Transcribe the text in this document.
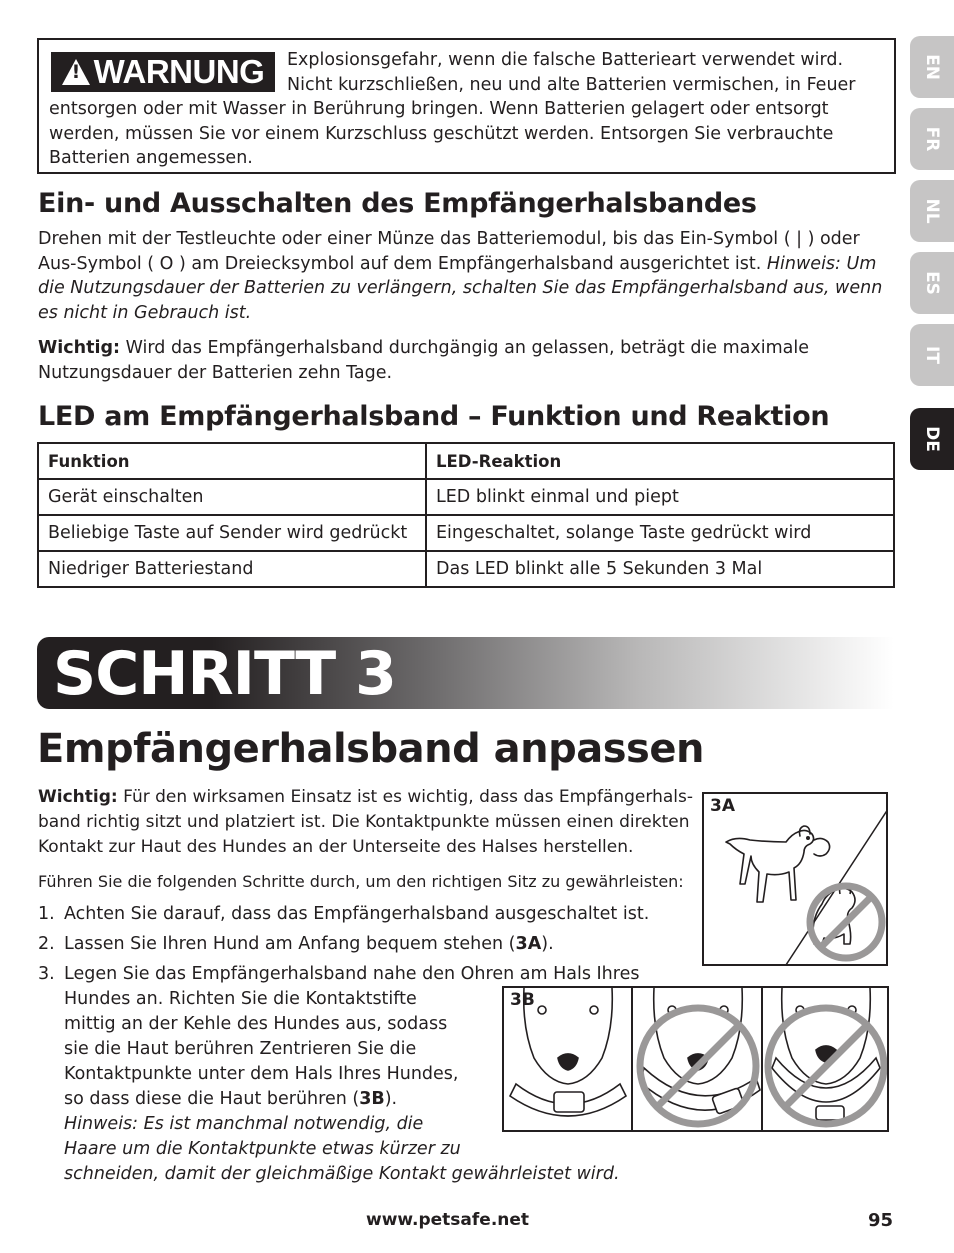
!WARNUNG	Explosionsgefahr, wenn die falsche Batterieart verwendet wird. Nicht kurzschließen, neu und alte Batterien vermischen, in Feuer entsorgen oder mit Wasser in Berührung bringen. Wenn Batterien gelagert oder entsorgt werden, müssen Sie vor einem Kurzschluss geschützt werden. Entsorgen Sie verbrauchte Batterien angemessen.
Ein- und Ausschalten des Empfängerhalsbandes

Drehen mit der Testleuchte oder einer Münze das Batteriemodul, bis das Ein-Symbol ( | ) oder Aus-Symbol ( O ) am Dreiecksymbol auf dem Empfängerhalsband ausgerichtet ist. Hinweis: Um die Nutzungsdauer der Batterien zu verlängern, schalten Sie das Empfängerhalsband aus, wenn es nicht in Gebrauch ist.

Wichtig: Wird das Empfängerhalsband durchgängig an gelassen, beträgt die maximale Nutzungsdauer der Batterien zehn Tage.

LED am Empfängerhalsband – Funktion und Reaktion
Funktion	LED-Reaktion
Gerät einschalten	LED blinkt einmal und piept
Beliebige Taste auf Sender wird gedrückt	Eingeschaltet, solange Taste gedrückt wird
Niedriger Batteriestand	Das LED blinkt alle 5 Sekunden 3 Mal
SCHRITT 3
Empfängerhalsband anpassen

Wichtig: Für den wirksamen Einsatz ist es wichtig, dass das Empfängerhals-
band richtig sitzt und platziert ist. Die Kontaktpunkte müssen einen direkten
Kontakt zur Haut des Hundes an der Unterseite des Halses herstellen.

Führen Sie die folgenden Schritte durch, um den richtigen Sitz zu gewährleisten:

1. Achten Sie darauf, dass das Empfängerhalsband ausgeschaltet ist.
2. Lassen Sie Ihren Hund am Anfang bequem stehen (3A).
3. Legen Sie das Empfängerhalsband nahe den Ohren am Hals Ihres
Hundes an. Richten Sie die Kontaktstifte
mittig an der Kehle des Hundes aus, sodass
sie die Haut berühren Zentrieren Sie die
Kontaktpunkte unter dem Hals Ihres Hundes,
so dass diese die Haut berühren (3B).
Hinweis: Es ist manchmal notwendig, die
Haare um die Kontaktpunkte etwas kürzer zu
schneiden, damit der gleichmäßige Kontakt gewährleistet wird.
3A
3B
EN
FR
NL
ES
IT
DE
www.petsafe.net	95
